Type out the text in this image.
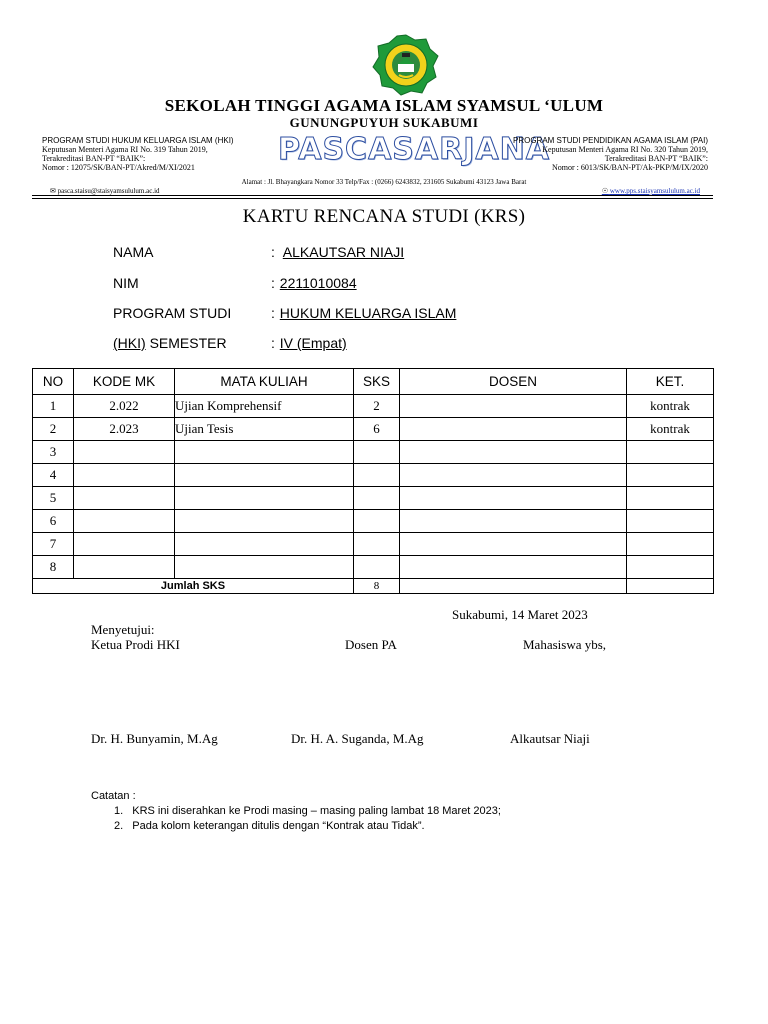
SEKOLAH TINGGI AGAMA ISLAM SYAMSUL ‘ULUM
GUNUNGPUYUH SUKABUMI
PROGRAM STUDI HUKUM KELUARGA ISLAM (HKI)
Keputusan Menteri Agama RI No. 319 Tahun 2019,
Terakreditasi BAN-PT “BAIK”:
Nomor : 12075/SK/BAN-PT/Akred/M/XI/2021
PASCASARJANA
PROGRAM STUDI PENDIDIKAN AGAMA ISLAM (PAI)
Keputusan Menteri Agama RI No. 320 Tahun 2019,
Terakreditasi BAN-PT “BAIK”:
Nomor : 6013/SK/BAN-PT/Ak-PKP/M/IX/2020
Alamat : Jl. Bhayangkara Nomor 33 Telp/Fax : (0266) 6243832, 231605 Sukabumi 43123 Jawa Barat
✉ pasca.staisu@staisyamsululum.ac.id	☉ www.pps.staisyamsululum.ac.id
KARTU RENCANA STUDI (KRS)
NAMA	: ALKAUTSAR NIAJI
NIM	: 2211010084
PROGRAM STUDI	: HUKUM KELUARGA ISLAM
(HKI) SEMESTER	: IV (Empat)
NO	KODE MK	MATA KULIAH	SKS	DOSEN	KET.
1	2.022	Ujian Komprehensif	2		kontrak
2	2.023	Ujian Tesis	6		kontrak
3					
4					
5					
6					
7					
8					
Jumlah SKS			8		
Sukabumi, 14 Maret 2023
Menyetujui:
Ketua Prodi HKI	Dosen PA	Mahasiswa ybs,
Dr. H. Bunyamin, M.Ag	Dr. H. A. Suganda, M.Ag	Alkautsar Niaji
Catatan :
1. KRS ini diserahkan ke Prodi masing – masing paling lambat 18 Maret 2023;
2. Pada kolom keterangan ditulis dengan “Kontrak atau Tidak”.
